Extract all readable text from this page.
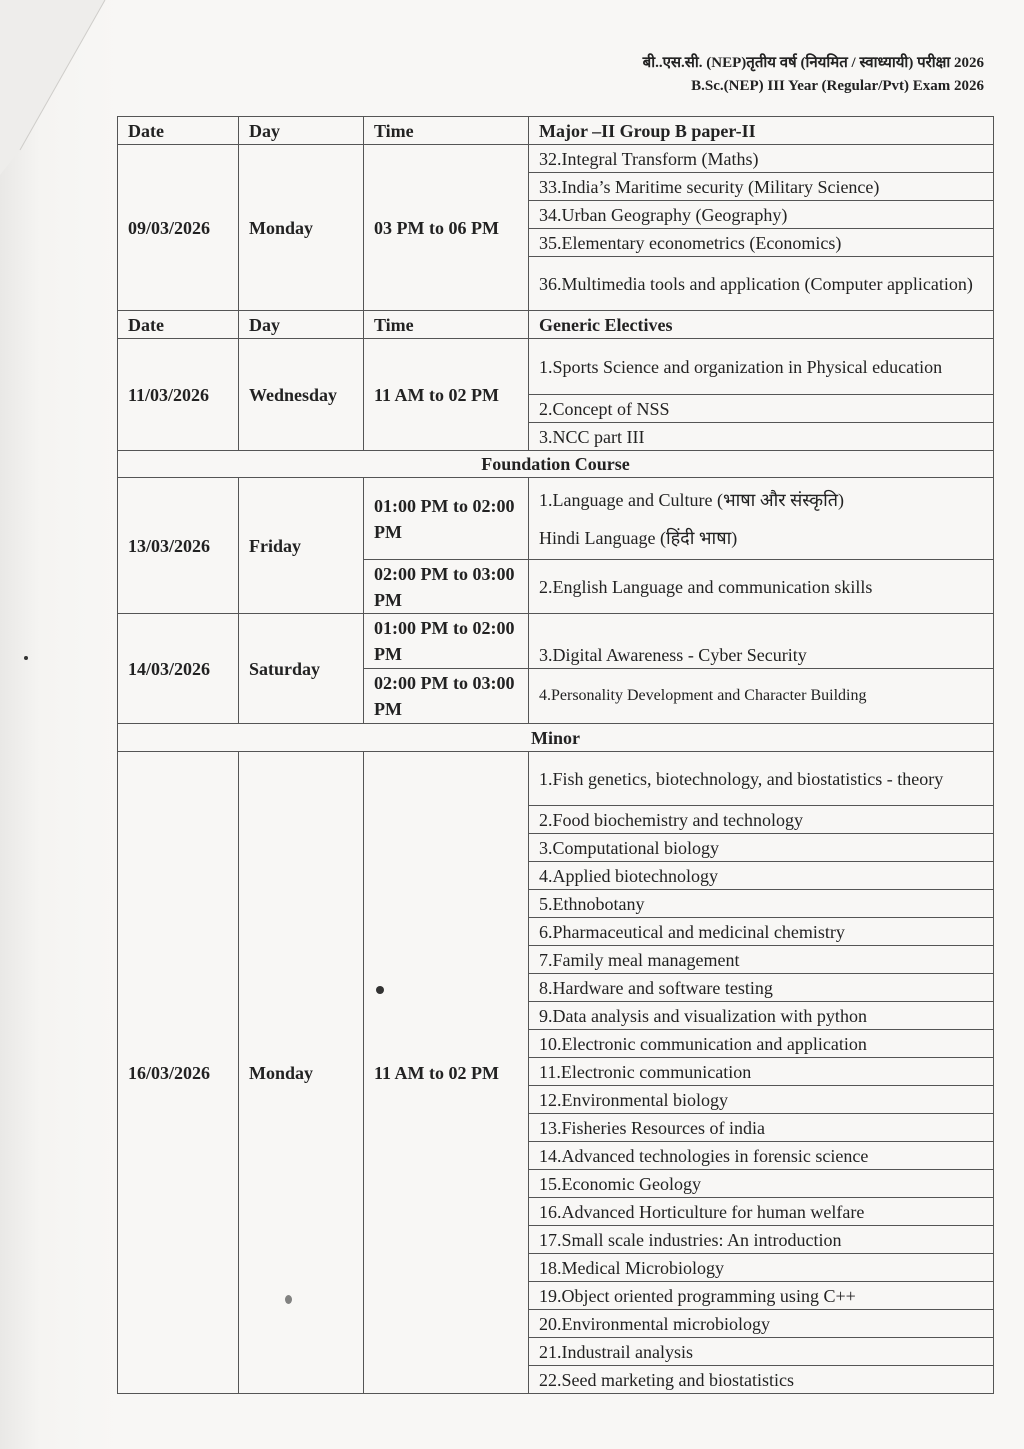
बी..एस.सी. (NEP)तृतीय वर्ष (नियमित / स्वाध्यायी) परीक्षा 2026
B.Sc.(NEP) III Year (Regular/Pvt) Exam 2026
Date	Day	Time	Major –II Group B paper-II
09/03/2026	Monday	03 PM to 06 PM	32.Integral Transform (Maths)
			33.India’s Maritime security (Military Science)
			34.Urban Geography (Geography)
			35.Elementary econometrics (Economics)
			36.Multimedia tools and application (Computer application)
Date	Day	Time	Generic Electives
11/03/2026	Wednesday	11 AM to 02 PM	1.Sports Science and organization in Physical education
			2.Concept of NSS
			3.NCC part III
Foundation Course			
13/03/2026	Friday	01:00 PM to 02:00 PM	1.Language and Culture (भाषा और संस्कृति)
Hindi Language (हिंदी भाषा)

		02:00 PM to 03:00 PM	2.English Language and communication skills
14/03/2026	Saturday	01:00 PM to 02:00 PM	3.Digital Awareness - Cyber Security
		02:00 PM to 03:00 PM	4.Personality Development and Character Building
Minor			
16/03/2026	Monday	11 AM to 02 PM	1.Fish genetics, biotechnology, and biostatistics - theory
			2.Food biochemistry and technology
			3.Computational biology
			4.Applied biotechnology
			5.Ethnobotany
			6.Pharmaceutical and medicinal chemistry
			7.Family meal management
			8.Hardware and software testing
			9.Data analysis and visualization with python
			10.Electronic communication and application
			11.Electronic communication
			12.Environmental biology
			13.Fisheries Resources of india
			14.Advanced technologies in forensic science
			15.Economic Geology
			16.Advanced Horticulture for human welfare
			17.Small scale industries: An introduction
			18.Medical Microbiology
			19.Object oriented programming using C++
			20.Environmental microbiology
			21.Industrail analysis
			22.Seed marketing and biostatistics
